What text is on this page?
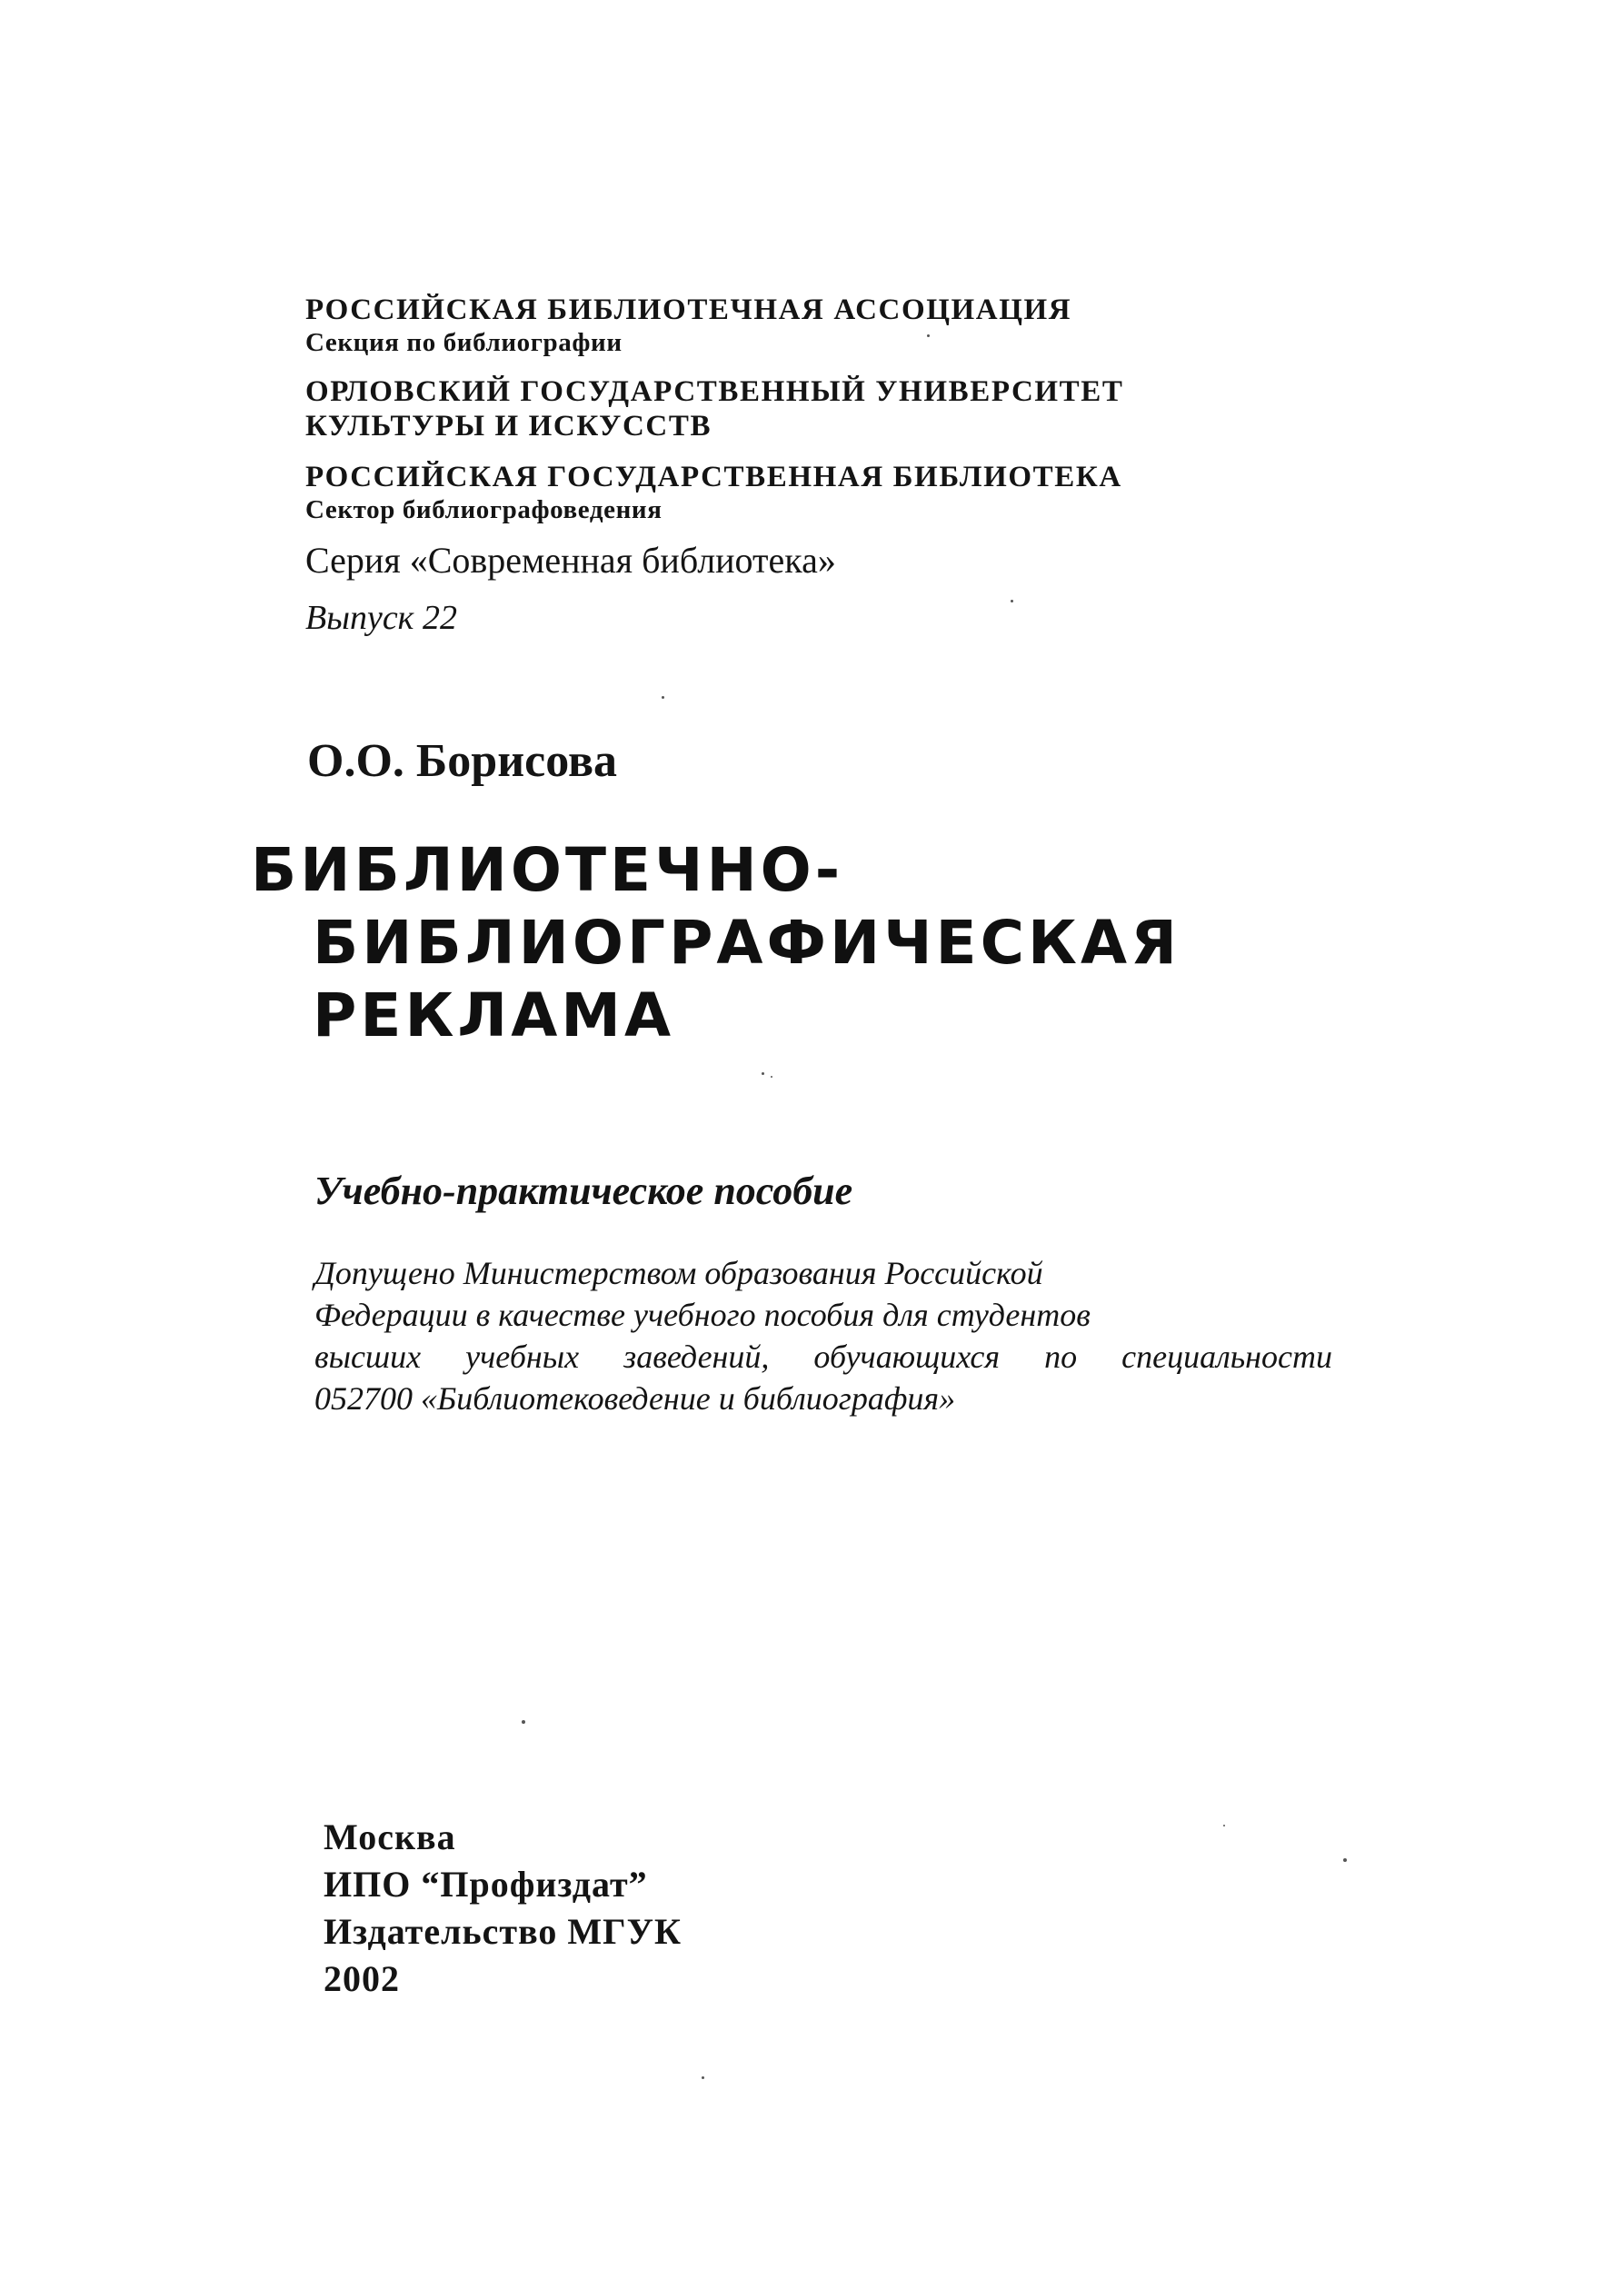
РОССИЙСКАЯ БИБЛИОТЕЧНАЯ АССОЦИАЦИЯ
Секция по библиографии
ОРЛОВСКИЙ ГОСУДАРСТВЕННЫЙ УНИВЕРСИТЕТ
КУЛЬТУРЫ И ИСКУССТВ
РОССИЙСКАЯ ГОСУДАРСТВЕННАЯ БИБЛИОТЕКА
Сектор библиографоведения
Серия «Современная библиотека»
Выпуск 22
О.О. Борисова
БИБЛИОТЕЧНО-
БИБЛИОГРАФИЧЕСКАЯ
РЕКЛАМА
Учебно-практическое пособие
Допущено Министерством образования Российской
Федерации в качестве учебного пособия для студентов
высших учебных заведений, обучающихся по специальности
052700 «Библиотековедение и библиография»
Москва
ИПО “Профиздат”
Издательство МГУК
2002
